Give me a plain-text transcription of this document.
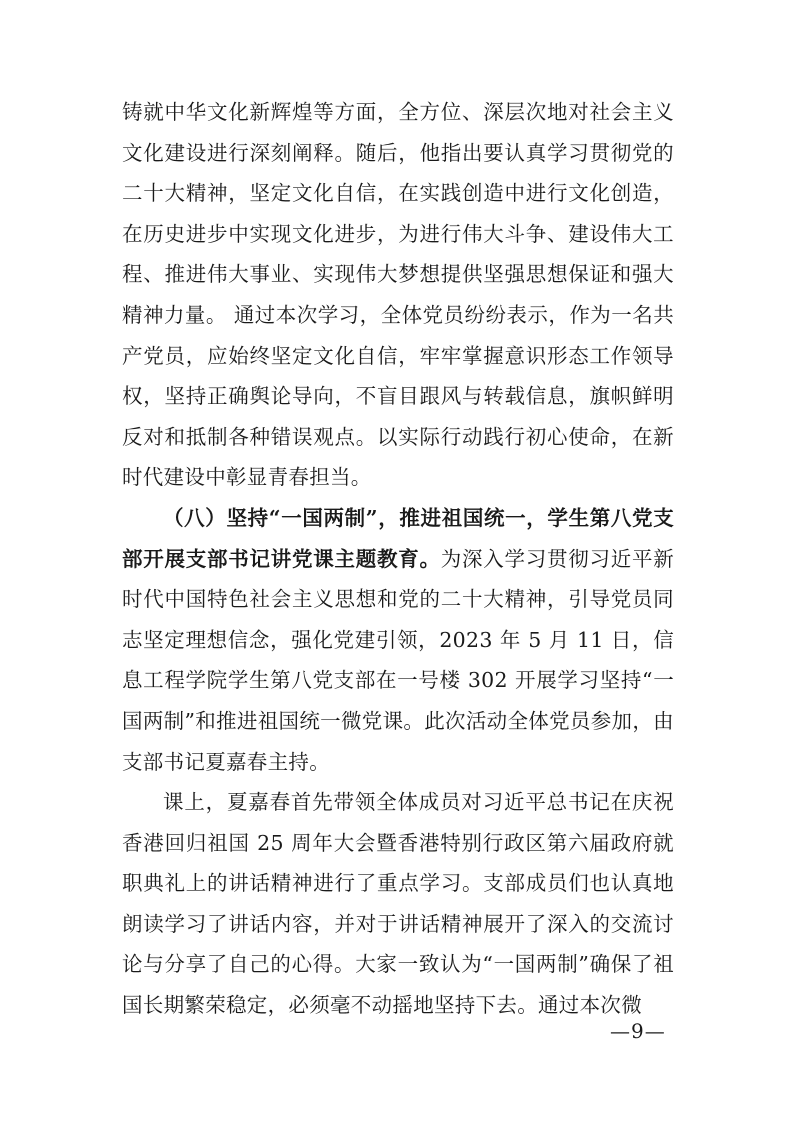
铸就中华文化新辉煌等方面，全方位、深层次地对社会主义文化建设进行深刻阐释。随后，他指出要认真学习贯彻党的二十大精神，坚定文化自信，在实践创造中进行文化创造，在历史进步中实现文化进步，为进行伟大斗争、建设伟大工程、推进伟大事业、实现伟大梦想提供坚强思想保证和强大精神力量。 通过本次学习，全体党员纷纷表示，作为一名共产党员，应始终坚定文化自信，牢牢掌握意识形态工作领导权，坚持正确舆论导向，不盲目跟风与转载信息，旗帜鲜明反对和抵制各种错误观点。以实际行动践行初心使命，在新时代建设中彰显青春担当。

（八）坚持“一国两制”，推进祖国统一，学生第八党支部开展支部书记讲党课主题教育。为深入学习贯彻习近平新时代中国特色社会主义思想和党的二十大精神，引导党员同志坚定理想信念，强化党建引领，2023 年 5 月 11 日，信息工程学院学生第八党支部在一号楼 302 开展学习坚持“一国两制”和推进祖国统一微党课。此次活动全体党员参加，由支部书记夏嘉春主持。

课上，夏嘉春首先带领全体成员对习近平总书记在庆祝香港回归祖国 25 周年大会暨香港特别行政区第六届政府就职典礼上的讲话精神进行了重点学习。支部成员们也认真地朗读学习了讲话内容，并对于讲话精神展开了深入的交流讨论与分享了自己的心得。大家一致认为“一国两制”确保了祖国长期繁荣稳定，必须毫不动摇地坚持下去。通过本次微

—9—
